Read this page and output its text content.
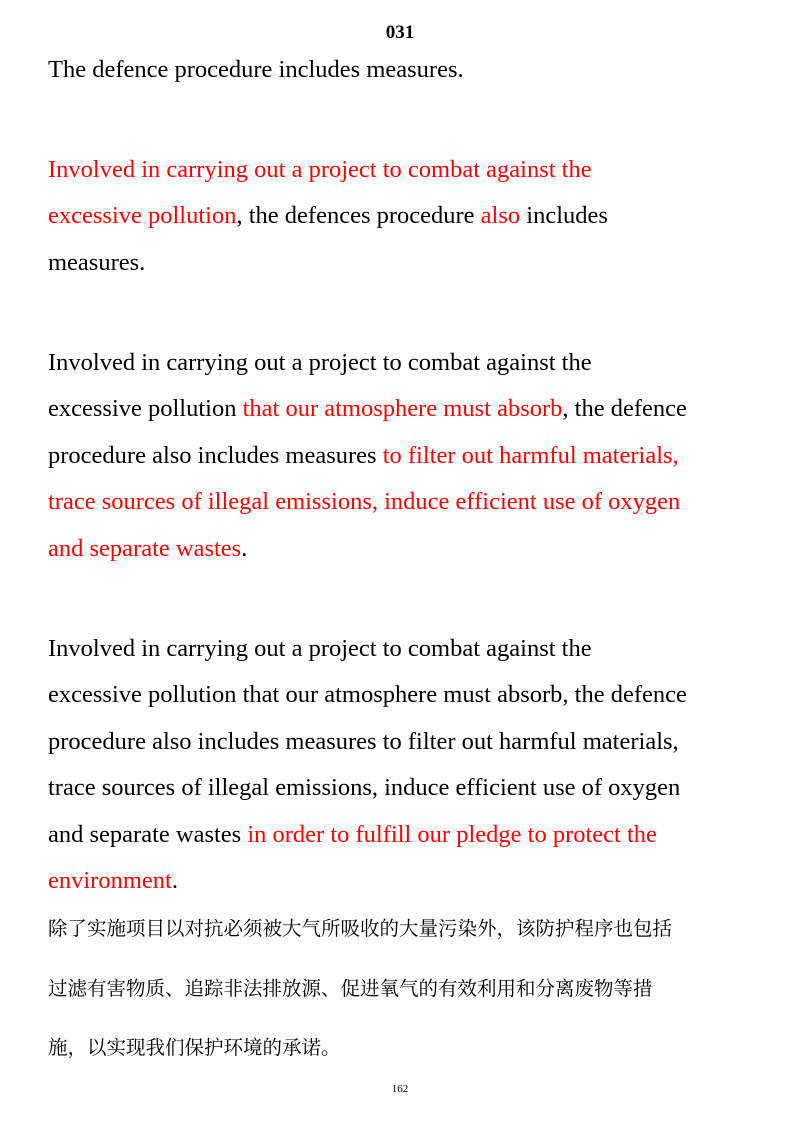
031
The defence procedure includes measures.
Involved in carrying out a project to combat against the
excessive pollution, the defences procedure also includes
measures.
Involved in carrying out a project to combat against the
excessive pollution that our atmosphere must absorb, the defence
procedure also includes measures to filter out harmful materials,
trace sources of illegal emissions, induce efficient use of oxygen
and separate wastes.
Involved in carrying out a project to combat against the
excessive pollution that our atmosphere must absorb, the defence
procedure also includes measures to filter out harmful materials,
trace sources of illegal emissions, induce efficient use of oxygen
and separate wastes in order to fulfill our pledge to protect the
environment.
除了实施项目以对抗必须被大气所吸收的大量污染外，该防护程序也包括
过滤有害物质、追踪非法排放源、促进氧气的有效利用和分离废物等措
施，以实现我们保护环境的承诺。
162
